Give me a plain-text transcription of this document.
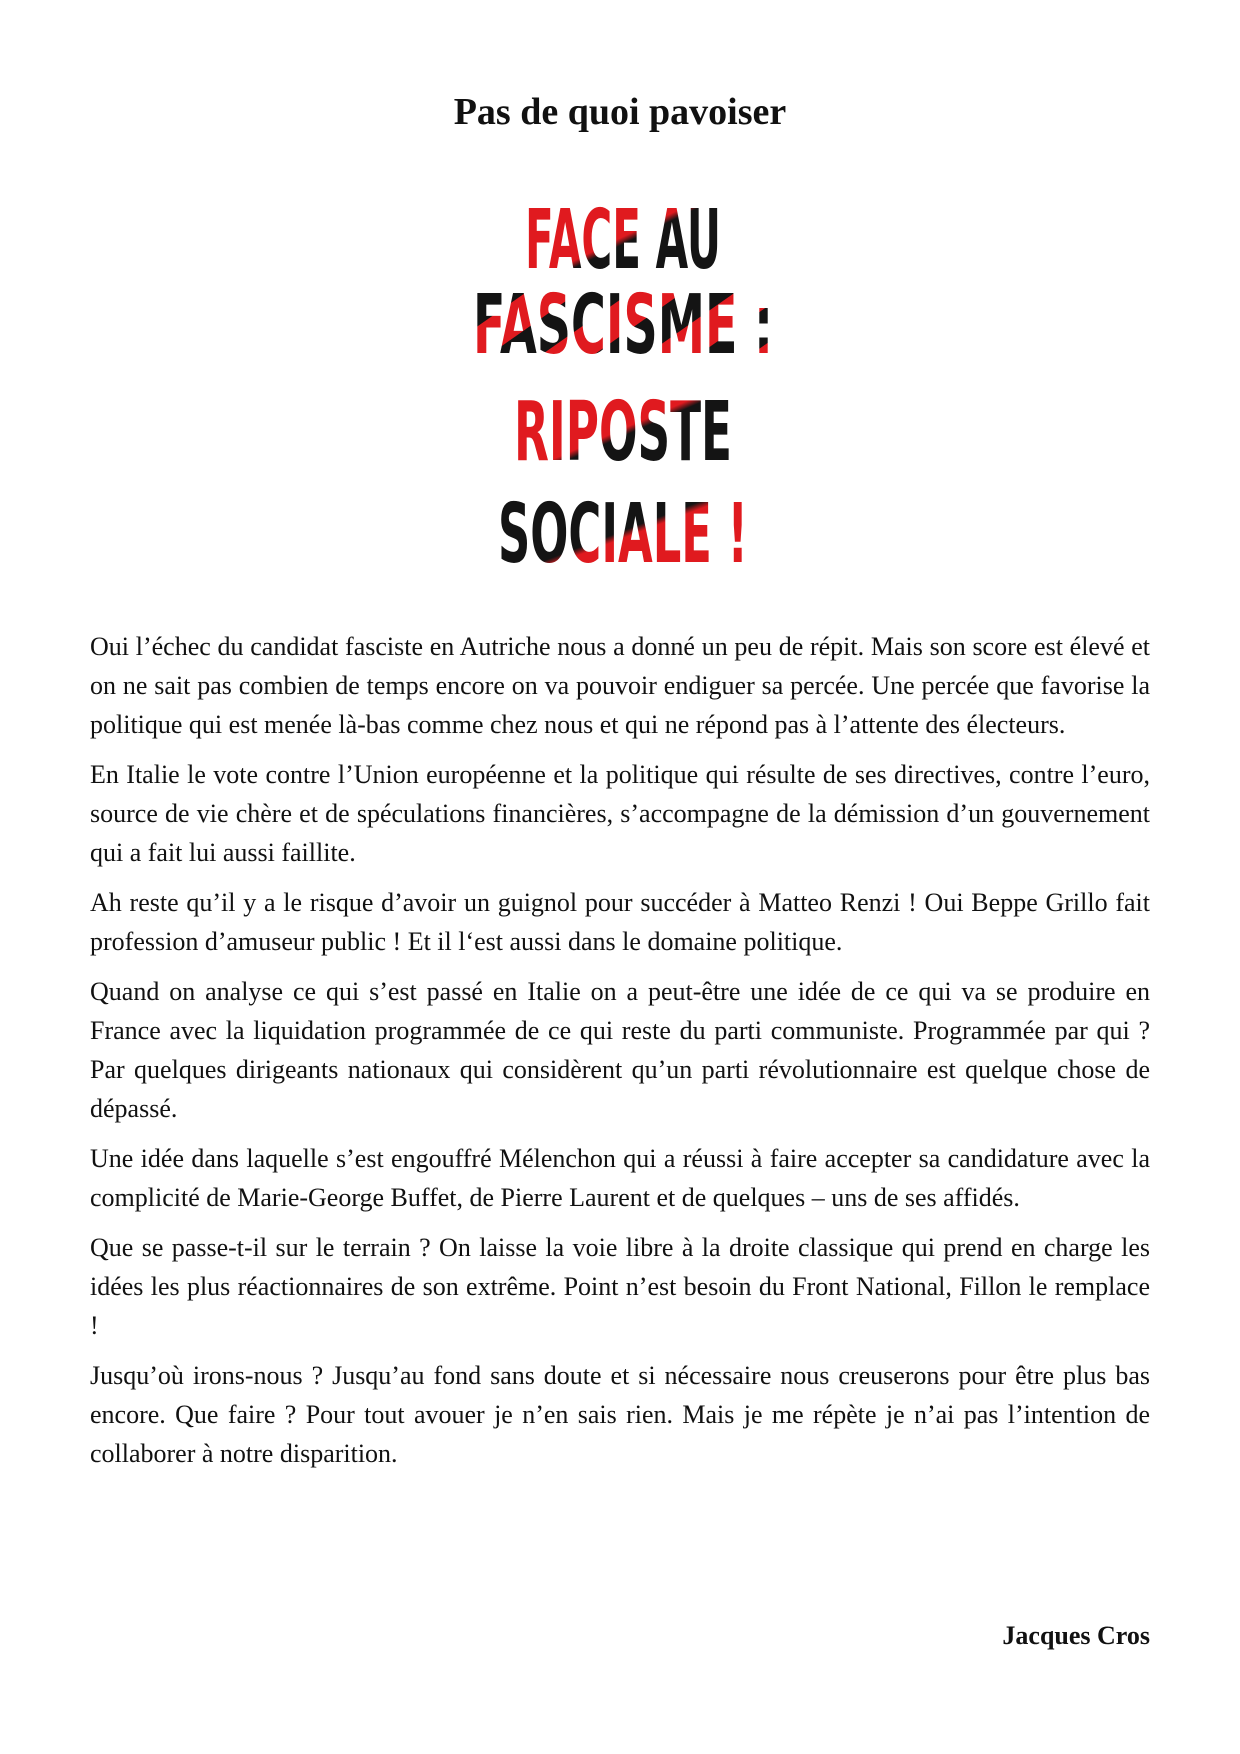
Pas de quoi pavoiser
FACE AU
FASCISME :
RIPOSTE
SOCIALE !

Oui l’échec du candidat fasciste en Autriche nous a donné un peu de répit. Mais son score est élevé et on ne sait pas combien de temps encore on va pouvoir endiguer sa percée. Une percée que favorise la politique qui est menée là-bas comme chez nous et qui ne répond pas à l’attente des électeurs.

En Italie le vote contre l’Union européenne et la politique qui résulte de ses directives, contre l’euro, source de vie chère et de spéculations financières, s’accompagne de la démission d’un gouvernement qui a fait lui aussi faillite.

Ah reste qu’il y a le risque d’avoir un guignol pour succéder à Matteo Renzi ! Oui Beppe Grillo fait profession d’amuseur public ! Et il l‘est aussi dans le domaine politique.

Quand on analyse ce qui s’est passé en Italie on a peut-être une idée de ce qui va se produire en France avec la liquidation programmée de ce qui reste du parti communiste. Programmée par qui ? Par quelques dirigeants nationaux qui considèrent qu’un parti révolutionnaire est quelque chose de dépassé.

Une idée dans laquelle s’est engouffré Mélenchon qui a réussi à faire accepter sa candidature avec la complicité de Marie-George Buffet, de Pierre Laurent et de quelques – uns de ses affidés.

Que se passe-t-il sur le terrain ? On laisse la voie libre à la droite classique qui prend en charge les idées les plus réactionnaires de son extrême. Point n’est besoin du Front National, Fillon le remplace !

Jusqu’où irons-nous ? Jusqu’au fond sans doute et si nécessaire nous creuserons pour être plus bas encore. Que faire ? Pour tout avouer je n’en sais rien. Mais je me répète je n’ai pas l’intention de collaborer à notre disparition.

Jacques Cros
